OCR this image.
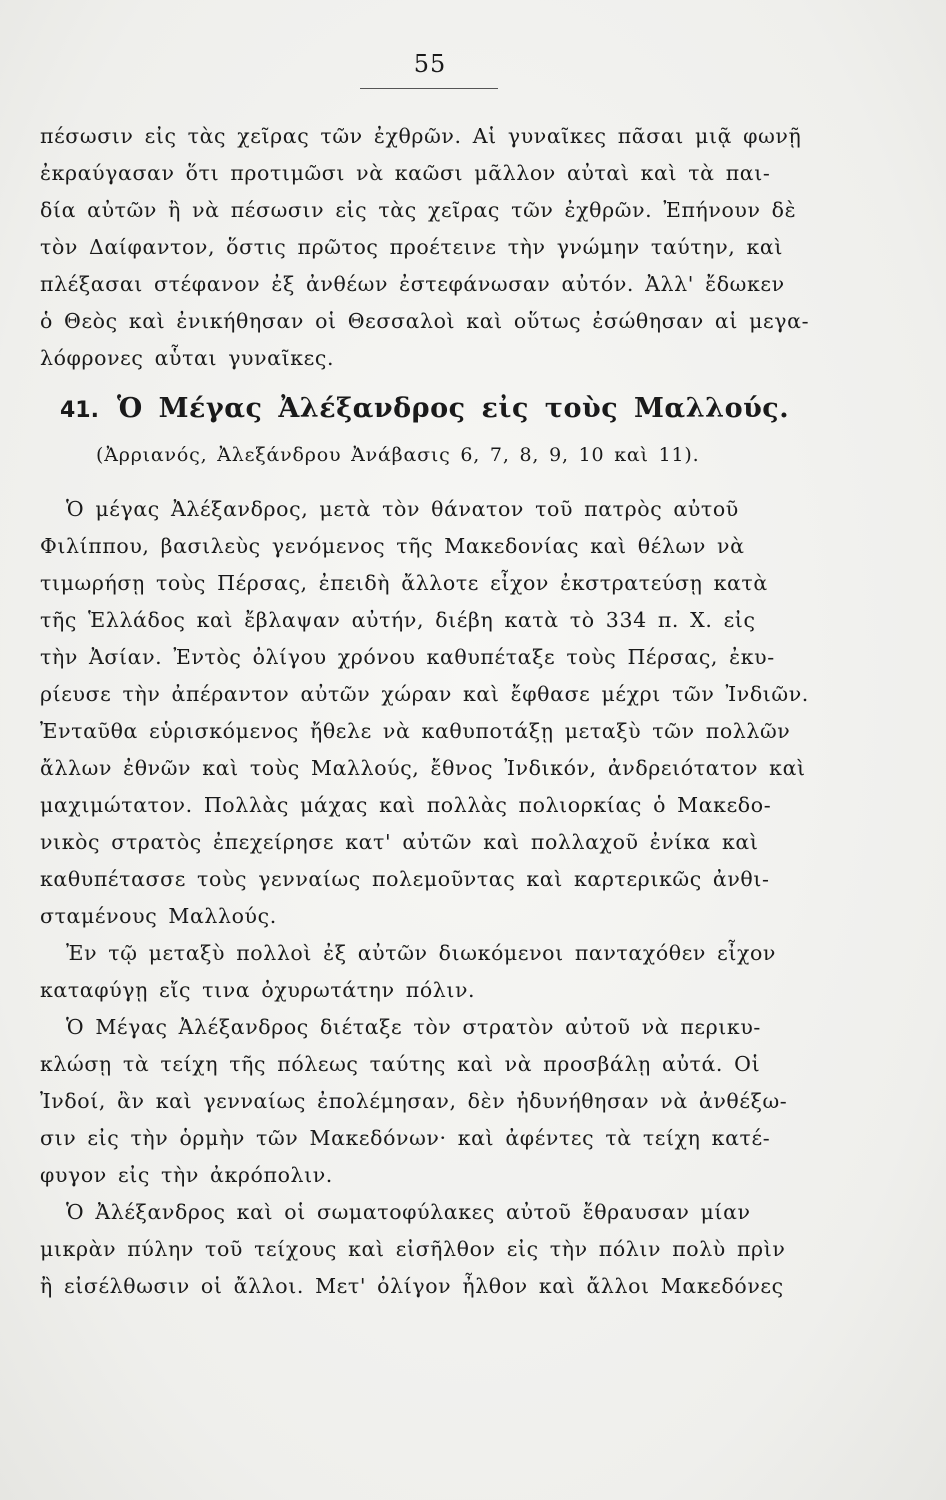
55
πέσωσιν εἰς τὰς χεῖρας τῶν ἐχθρῶν. Αἱ γυναῖκες πᾶσαι μιᾷ φωνῇ
ἐκραύγασαν ὅτι προτιμῶσι νὰ καῶσι μᾶλλον αὐταὶ καὶ τὰ παι-
δία αὐτῶν ἢ νὰ πέσωσιν εἰς τὰς χεῖρας τῶν ἐχθρῶν. Ἐπήνουν δὲ
τὸν Δαίφαντον, ὅστις πρῶτος προέτεινε τὴν γνώμην ταύτην, καὶ
πλέξασαι στέφανον ἐξ ἀνθέων ἐστεφάνωσαν αὐτόν. Ἀλλ' ἔδωκεν
ὁ Θεὸς καὶ ἐνικήθησαν οἱ Θεσσαλοὶ καὶ οὕτως ἐσώθησαν αἱ μεγα-
λόφρονες αὗται γυναῖκες.
41. Ὁ Μέγας Ἀλέξανδρος εἰς τοὺς Μαλλούς.
(Ἀρριανός, Ἀλεξάνδρου Ἀνάβασις 6, 7, 8, 9, 10 καὶ 11).
Ὁ μέγας Ἀλέξανδρος, μετὰ τὸν θάνατον τοῦ πατρὸς αὐτοῦ
Φιλίππου, βασιλεὺς γενόμενος τῆς Μακεδονίας καὶ θέλων νὰ
τιμωρήσῃ τοὺς Πέρσας, ἐπειδὴ ἄλλοτε εἶχον ἐκστρατεύσῃ κατὰ
τῆς Ἑλλάδος καὶ ἔβλαψαν αὐτήν, διέβη κατὰ τὸ 334 π. Χ. εἰς
τὴν Ἀσίαν. Ἐντὸς ὀλίγου χρόνου καθυπέταξε τοὺς Πέρσας, ἐκυ-
ρίευσε τὴν ἀπέραντον αὐτῶν χώραν καὶ ἔφθασε μέχρι τῶν Ἰνδιῶν.
Ἐνταῦθα εὑρισκόμενος ἤθελε νὰ καθυποτάξῃ μεταξὺ τῶν πολλῶν
ἄλλων ἐθνῶν καὶ τοὺς Μαλλούς, ἔθνος Ἰνδικόν, ἀνδρειότατον καὶ
μαχιμώτατον. Πολλὰς μάχας καὶ πολλὰς πολιορκίας ὁ Μακεδο-
νικὸς στρατὸς ἐπεχείρησε κατ' αὐτῶν καὶ πολλαχοῦ ἐνίκα καὶ
καθυπέτασσε τοὺς γενναίως πολεμοῦντας καὶ καρτερικῶς ἀνθι-
σταμένους Μαλλούς.
Ἐν τῷ μεταξὺ πολλοὶ ἐξ αὐτῶν διωκόμενοι πανταχόθεν εἶχον
καταφύγῃ εἴς τινα ὀχυρωτάτην πόλιν.
Ὁ Μέγας Ἀλέξανδρος διέταξε τὸν στρατὸν αὐτοῦ νὰ περικυ-
κλώσῃ τὰ τείχη τῆς πόλεως ταύτης καὶ νὰ προσβάλῃ αὐτά. Οἱ
Ἰνδοί, ἂν καὶ γενναίως ἐπολέμησαν, δὲν ἠδυνήθησαν νὰ ἀνθέξω-
σιν εἰς τὴν ὁρμὴν τῶν Μακεδόνων· καὶ ἀφέντες τὰ τείχη κατέ-
φυγον εἰς τὴν ἀκρόπολιν.
Ὁ Ἀλέξανδρος καὶ οἱ σωματοφύλακες αὐτοῦ ἔθραυσαν μίαν
μικρὰν πύλην τοῦ τείχους καὶ εἰσῆλθον εἰς τὴν πόλιν πολὺ πρὶν
ἢ εἰσέλθωσιν οἱ ἄλλοι. Μετ' ὀλίγον ἦλθον καὶ ἄλλοι Μακεδόνες
